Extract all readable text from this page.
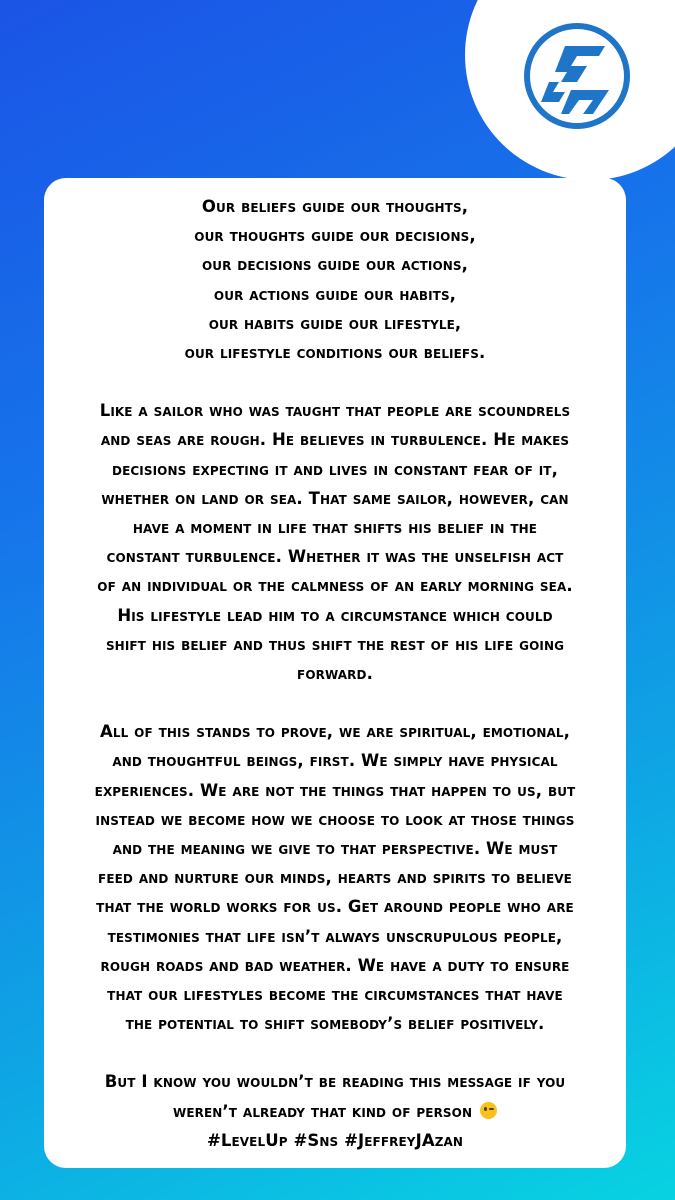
Our beliefs guide our thoughts,

our thoughts guide our decisions,

our decisions guide our actions,

our actions guide our habits,

our habits guide our lifestyle,

our lifestyle conditions our beliefs.

Like a sailor who was taught that people are scoundrels

and seas are rough. He believes in turbulence. He makes

decisions expecting it and lives in constant fear of it,

whether on land or sea. That same sailor, however, can

have a moment in life that shifts his belief in the

constant turbulence. Whether it was the unselfish act

of an individual or the calmness of an early morning sea.

His lifestyle lead him to a circumstance which could

shift his belief and thus shift the rest of his life going

forward.

All of this stands to prove, we are spiritual, emotional,

and thoughtful beings, first. We simply have physical

experiences. We are not the things that happen to us, but

instead we become how we choose to look at those things

and the meaning we give to that perspective. We must

feed and nurture our minds, hearts and spirits to believe

that the world works for us. Get around people who are

testimonies that life isn’t always unscrupulous people,

rough roads and bad weather. We have a duty to ensure

that our lifestyles become the circumstances that have

the potential to shift somebody’s belief positively.

But I know you wouldn’t be reading this message if you

weren’t already that kind of person

#LevelUp #Sns #JeffreyJAzan
